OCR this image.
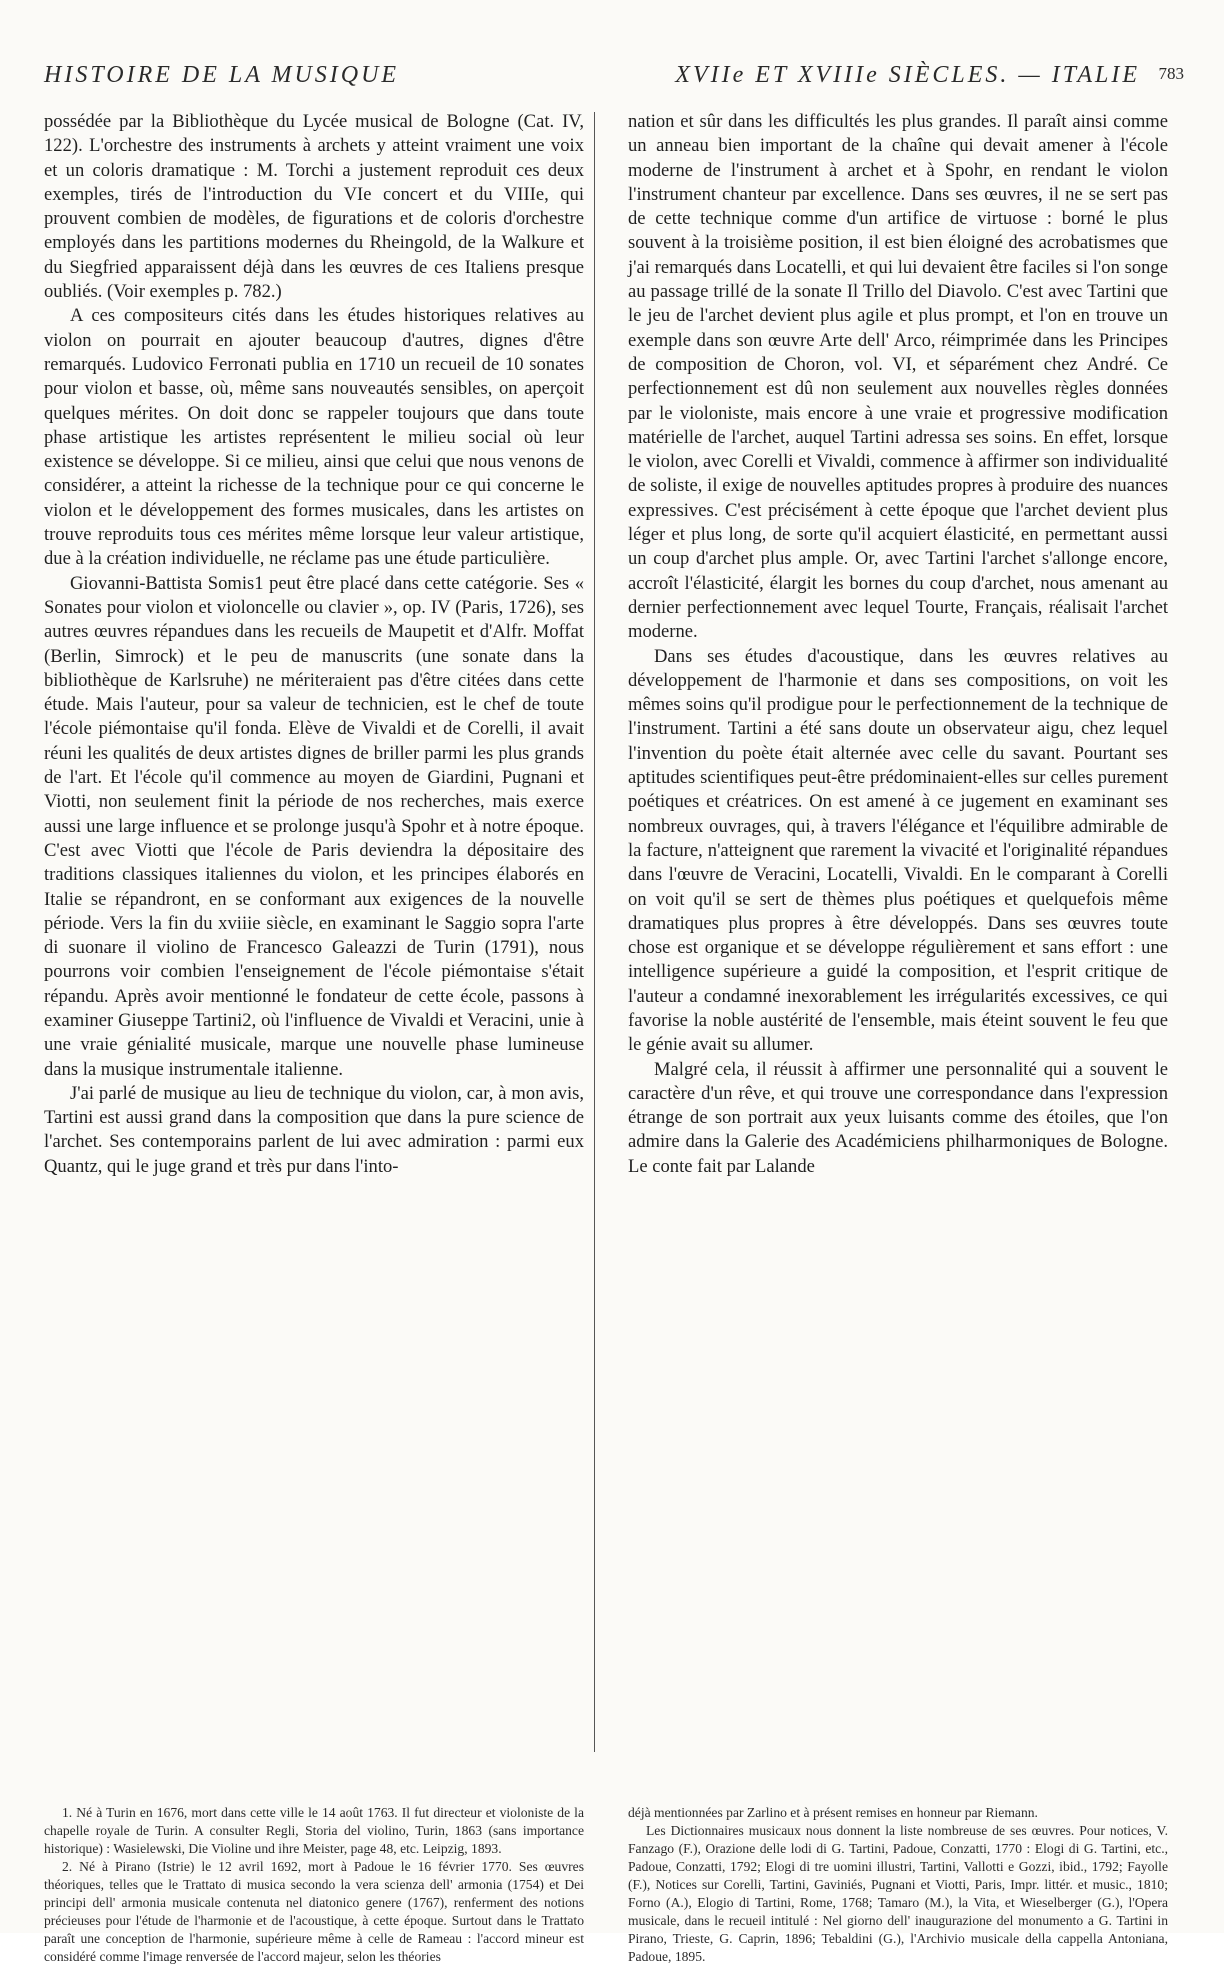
HISTOIRE DE LA MUSIQUE	XVIIe ET XVIIIe SIÈCLES. — ITALIE 783

possédée par la Bibliothèque du Lycée musical de Bologne (Cat. IV, 122). L'orchestre des instruments à archets y atteint vraiment une voix et un coloris dramatique : M. Torchi a justement reproduit ces deux exemples, tirés de l'introduction du VIe concert et du VIIIe, qui prouvent combien de modèles, de figurations et de coloris d'orchestre employés dans les partitions modernes du Rheingold, de la Walkure et du Siegfried apparaissent déjà dans les œuvres de ces Italiens presque oubliés. (Voir exemples p. 782.)

A ces compositeurs cités dans les études historiques relatives au violon on pourrait en ajouter beaucoup d'autres, dignes d'être remarqués. Ludovico Ferronati publia en 1710 un recueil de 10 sonates pour violon et basse, où, même sans nouveautés sensibles, on aperçoit quelques mérites. On doit donc se rappeler toujours que dans toute phase artistique les artistes représentent le milieu social où leur existence se développe. Si ce milieu, ainsi que celui que nous venons de considérer, a atteint la richesse de la technique pour ce qui concerne le violon et le développement des formes musicales, dans les artistes on trouve reproduits tous ces mérites même lorsque leur valeur artistique, due à la création individuelle, ne réclame pas une étude particulière.

Giovanni-Battista Somis1 peut être placé dans cette catégorie. Ses « Sonates pour violon et violoncelle ou clavier », op. IV (Paris, 1726), ses autres œuvres répandues dans les recueils de Maupetit et d'Alfr. Moffat (Berlin, Simrock) et le peu de manuscrits (une sonate dans la bibliothèque de Karlsruhe) ne mériteraient pas d'être citées dans cette étude. Mais l'auteur, pour sa valeur de technicien, est le chef de toute l'école piémontaise qu'il fonda. Elève de Vivaldi et de Corelli, il avait réuni les qualités de deux artistes dignes de briller parmi les plus grands de l'art. Et l'école qu'il commence au moyen de Giardini, Pugnani et Viotti, non seulement finit la période de nos recherches, mais exerce aussi une large influence et se prolonge jusqu'à Spohr et à notre époque. C'est avec Viotti que l'école de Paris deviendra la dépositaire des traditions classiques italiennes du violon, et les principes élaborés en Italie se répandront, en se conformant aux exigences de la nouvelle période. Vers la fin du xviiie siècle, en examinant le Saggio sopra l'arte di suonare il violino de Francesco Galeazzi de Turin (1791), nous pourrons voir combien l'enseignement de l'école piémontaise s'était répandu. Après avoir mentionné le fondateur de cette école, passons à examiner Giuseppe Tartini2, où l'influence de Vivaldi et Veracini, unie à une vraie génialité musicale, marque une nouvelle phase lumineuse dans la musique instrumentale italienne.

J'ai parlé de musique au lieu de technique du violon, car, à mon avis, Tartini est aussi grand dans la composition que dans la pure science de l'archet. Ses contemporains parlent de lui avec admiration : parmi eux Quantz, qui le juge grand et très pur dans l'into-

nation et sûr dans les difficultés les plus grandes. Il paraît ainsi comme un anneau bien important de la chaîne qui devait amener à l'école moderne de l'instrument à archet et à Spohr, en rendant le violon l'instrument chanteur par excellence. Dans ses œuvres, il ne se sert pas de cette technique comme d'un artifice de virtuose : borné le plus souvent à la troisième position, il est bien éloigné des acrobatismes que j'ai remarqués dans Locatelli, et qui lui devaient être faciles si l'on songe au passage trillé de la sonate Il Trillo del Diavolo. C'est avec Tartini que le jeu de l'archet devient plus agile et plus prompt, et l'on en trouve un exemple dans son œuvre Arte dell' Arco, réimprimée dans les Principes de composition de Choron, vol. VI, et séparément chez André. Ce perfectionnement est dû non seulement aux nouvelles règles données par le violoniste, mais encore à une vraie et progressive modification matérielle de l'archet, auquel Tartini adressa ses soins. En effet, lorsque le violon, avec Corelli et Vivaldi, commence à affirmer son individualité de soliste, il exige de nouvelles aptitudes propres à produire des nuances expressives. C'est précisément à cette époque que l'archet devient plus léger et plus long, de sorte qu'il acquiert élasticité, en permettant aussi un coup d'archet plus ample. Or, avec Tartini l'archet s'allonge encore, accroît l'élasticité, élargit les bornes du coup d'archet, nous amenant au dernier perfectionnement avec lequel Tourte, Français, réalisait l'archet moderne.

Dans ses études d'acoustique, dans les œuvres relatives au développement de l'harmonie et dans ses compositions, on voit les mêmes soins qu'il prodigue pour le perfectionnement de la technique de l'instrument. Tartini a été sans doute un observateur aigu, chez lequel l'invention du poète était alternée avec celle du savant. Pourtant ses aptitudes scientifiques peut-être prédominaient-elles sur celles purement poétiques et créatrices. On est amené à ce jugement en examinant ses nombreux ouvrages, qui, à travers l'élégance et l'équilibre admirable de la facture, n'atteignent que rarement la vivacité et l'originalité répandues dans l'œuvre de Veracini, Locatelli, Vivaldi. En le comparant à Corelli on voit qu'il se sert de thèmes plus poétiques et quelquefois même dramatiques plus propres à être développés. Dans ses œuvres toute chose est organique et se développe régulièrement et sans effort : une intelligence supérieure a guidé la composition, et l'esprit critique de l'auteur a condamné inexorablement les irrégularités excessives, ce qui favorise la noble austérité de l'ensemble, mais éteint souvent le feu que le génie avait su allumer.

Malgré cela, il réussit à affirmer une personnalité qui a souvent le caractère d'un rêve, et qui trouve une correspondance dans l'expression étrange de son portrait aux yeux luisants comme des étoiles, que l'on admire dans la Galerie des Académiciens philharmoniques de Bologne. Le conte fait par Lalande

1. Né à Turin en 1676, mort dans cette ville le 14 août 1763. Il fut directeur et violoniste de la chapelle royale de Turin. A consulter Regli, Storia del violino, Turin, 1863 (sans importance historique) : Wasielewski, Die Violine und ihre Meister, page 48, etc. Leipzig, 1893.

2. Né à Pirano (Istrie) le 12 avril 1692, mort à Padoue le 16 février 1770. Ses œuvres théoriques, telles que le Trattato di musica secondo la vera scienza dell' armonia (1754) et Dei principi dell' armonia musicale contenuta nel diatonico genere (1767), renferment des notions précieuses pour l'étude de l'harmonie et de l'acoustique, à cette époque. Surtout dans le Trattato paraît une conception de l'harmonie, supérieure même à celle de Rameau : l'accord mineur est considéré comme l'image renversée de l'accord majeur, selon les théories

déjà mentionnées par Zarlino et à présent remises en honneur par Riemann.

Les Dictionnaires musicaux nous donnent la liste nombreuse de ses œuvres. Pour notices, V. Fanzago (F.), Orazione delle lodi di G. Tartini, Padoue, Conzatti, 1770 : Elogi di G. Tartini, etc., Padoue, Conzatti, 1792; Elogi di tre uomini illustri, Tartini, Vallotti e Gozzi, ibid., 1792; Fayolle (F.), Notices sur Corelli, Tartini, Gaviniés, Pugnani et Viotti, Paris, Impr. littér. et music., 1810; Forno (A.), Elogio di Tartini, Rome, 1768; Tamaro (M.), la Vita, et Wieselberger (G.), l'Opera musicale, dans le recueil intitulé : Nel giorno dell' inaugurazione del monumento a G. Tartini in Pirano, Trieste, G. Caprin, 1896; Tebaldini (G.), l'Archivio musicale della cappella Antoniana, Padoue, 1895.
